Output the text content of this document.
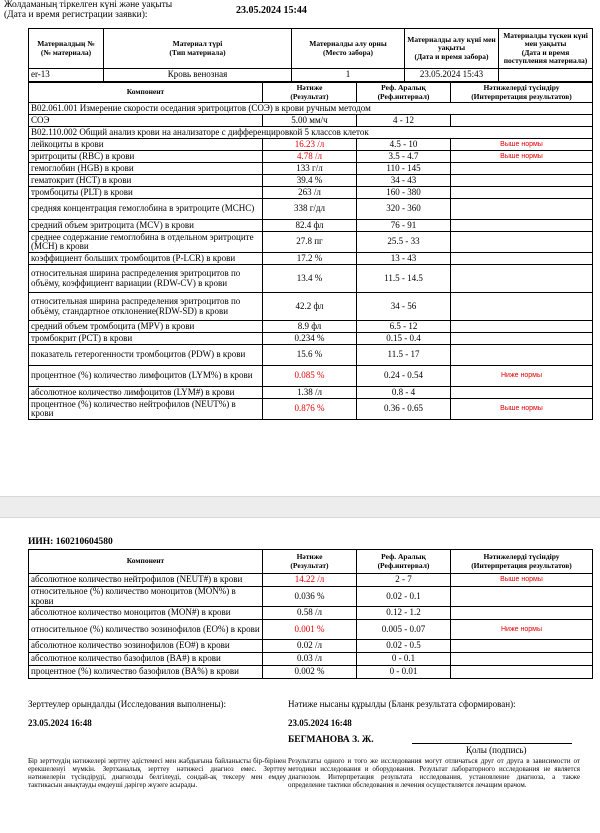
Жолдаманың тіркелген күні және уақыты
(Дата и время регистрации заявки):	23.05.2024 15:44
Материалдың №
(№ материала)	Материал түрі
(Тип материала)	Материалды алу орны
(Место забора)	Материалды алу күні мен уақыты
(Дата и время забора)	Материалды түскен күні мен уақыты
(Дата и время поступления материала)
er-13	Кровь венозная	1	23.05.2024 15:43	
Компонент	Нәтиже
(Результат)	Реф. Аралық
(Реф.интервал)	Нәтижелерді түсіндіру
(Интерпретация результатов)
B02.061.001 Измерение скорости оседания эритроцитов (СОЭ) в крови ручным методом			
СОЭ	5.00 мм/ч	4 - 12	
B02.110.002 Общий анализ крови на анализаторе с дифференцировкой 5 классов клеток			
лейкоциты в крови	16.23 /л	4.5 - 10	Выше нормы
эритроциты (RBC) в крови	4.78 /л	3.5 - 4.7	Выше нормы
гемоглобин (HGB) в крови	133 г/л	110 - 145	
гематокрит (HCT) в крови	39.4 %	34 - 43	
тромбоциты (PLT) в крови	263 /л	160 - 380	
средняя концентрация гемоглобина в эритроците (MCHC)	338 г/дл	320 - 360	
средний объем эритроцита (MCV) в крови	82.4 фл	76 - 91	
среднее содержание гемоглобина в отдельном эритроците (MCH) в крови	27.8 пг	25.5 - 33	
коэффициент больших тромбоцитов (P-LCR) в крови	17.2 %	13 - 43	
относительная ширина распределения эритроцитов по объёму, коэффициент вариации (RDW-CV) в крови	13.4 %	11.5 - 14.5	
относительная ширина распределения эритроцитов по объёму, стандартное отклонение(RDW-SD) в крови	42.2 фл	34 - 56	
средний объем тромбоцита (MPV) в крови	8.9 фл	6.5 - 12	
тромбокрит (PCT) в крови	0.234 %	0.15 - 0.4	
показатель гетерогенности тромбоцитов (PDW) в крови	15.6 %	11.5 - 17	
процентное (%) количество лимфоцитов (LYM%) в крови	0.085 %	0.24 - 0.54	Ниже нормы
абсолютное количество лимфоцитов (LYM#) в крови	1.38 /л	0.8 - 4	
процентное (%) количество нейтрофилов (NEUT%) в крови	0.876 %	0.36 - 0.65	Выше нормы
ИИН: 160210604580
Компонент	Нәтиже
(Результат)	Реф. Аралық
(Реф.интервал)	Нәтижелерді түсіндіру
(Интерпретация результатов)
абсолютное количество нейтрофилов (NEUT#) в крови	14.22 /л	2 - 7	Выше нормы
относительное (%) количество моноцитов (MON%) в крови	0.036 %	0.02 - 0.1	
абсолютное количество моноцитов (MON#) в крови	0.58 /л	0.12 - 1.2	
относительное (%) количество эозинофилов (EO%) в крови	0.001 %	0.005 - 0.07	Ниже нормы
абсолютное количество эозинофилов (EO#) в крови	0.02 /л	0.02 - 0.5	
абсолютное количество базофилов (BA#) в крови	0.03 /л	0 - 0.1	
процентное (%) количество базофилов (BA%) в крови	0.002 %	0 - 0.01	
Зерттеулер орындалды (Исследования выполнены):
23.05.2024 16:48
Нәтиже нысаны құрылды (Бланк результата сформирован):
23.05.2024 16:48
БЕГМАНОВА З. Ж.
Қолы (подпись)
Бір зерттеудің нәтижелері зерттеу әдістемесі мен жабдығына байланысты бір-бірінен ерекшеленуі мүмкін. Зертханалық зерттеу нәтижесі диагноз емес. Зерттеу нәтижелерін түсіндіруді, диагнозды белгілеуді, сондай-ақ тексеру мен емдеу тактикасын анықтауды емдеуші дәрігер жүзеге асырады.
Результаты одного и того же исследования могут отличаться друг от друга в зависимости от методики исследования и оборудования. Результат лабораторного исследования не является диагнозом. Интерпретация результата исследования, установление диагноза, а также определение тактики обследования и лечения осуществляется лечащим врачом.
